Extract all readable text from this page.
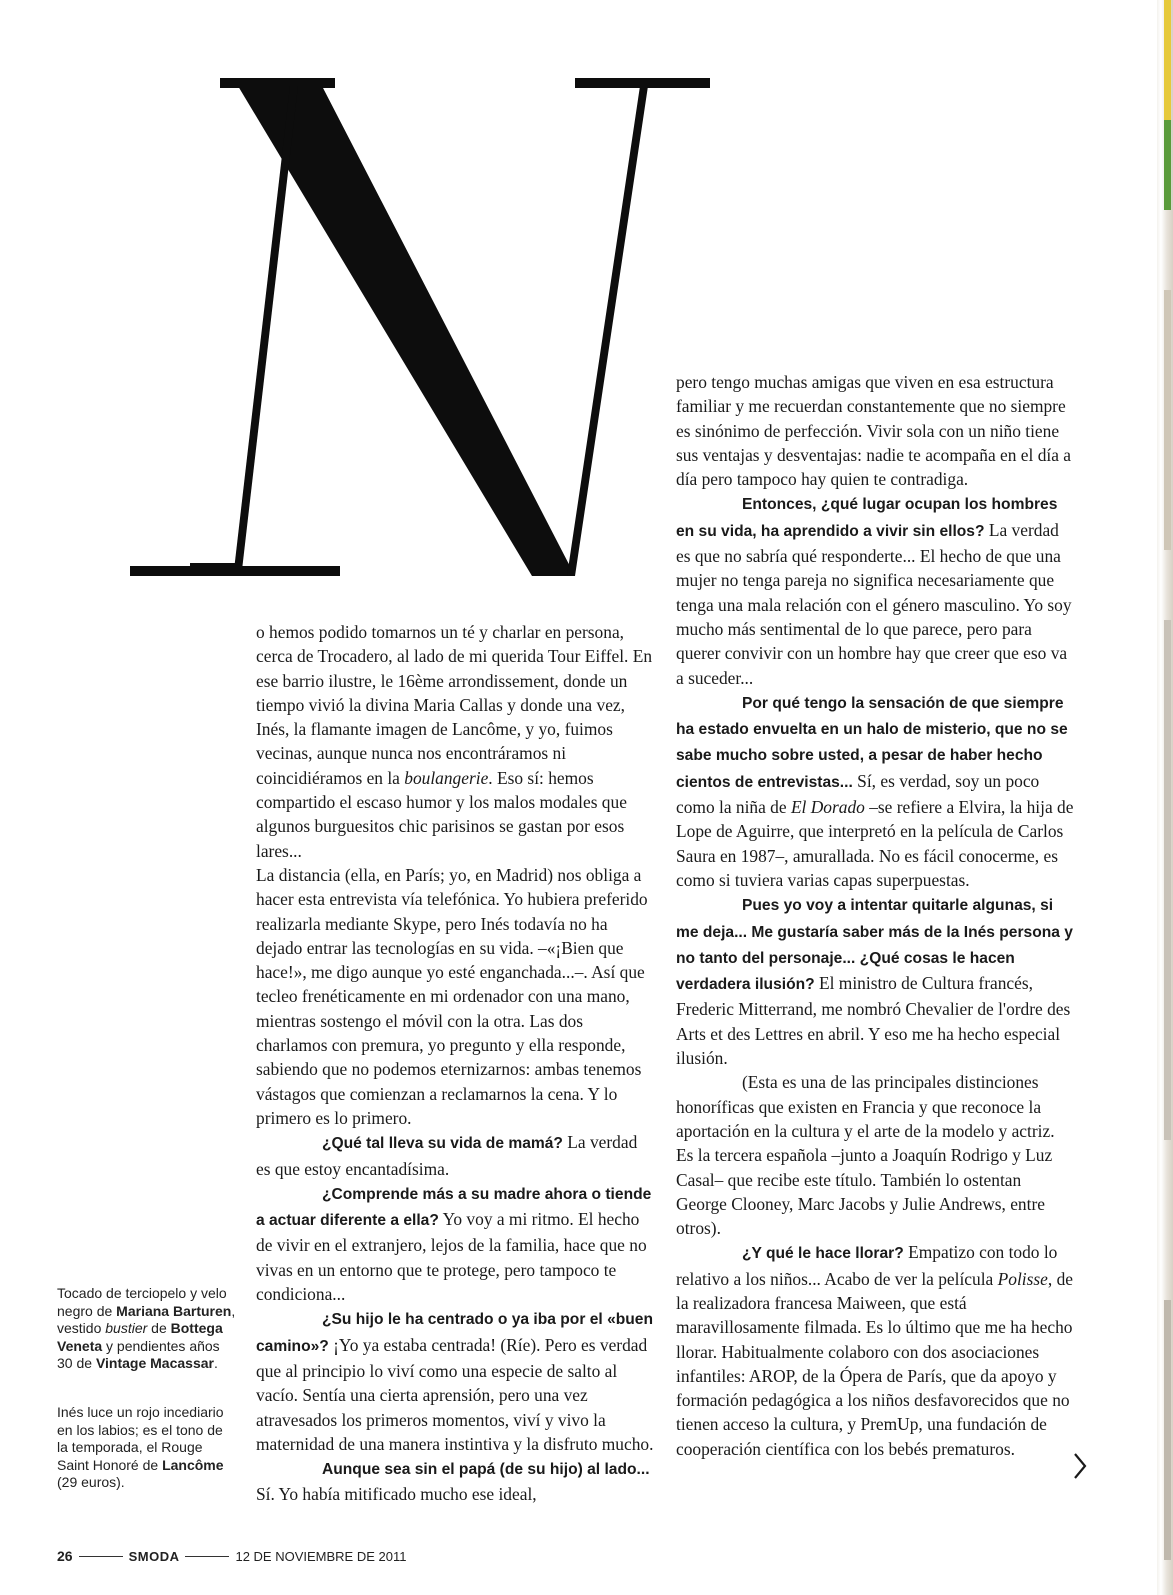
o hemos podido tomarnos un té y charlar en persona, cerca de Trocadero, al lado de mi querida Tour Eiffel. En ese barrio ilustre, le 16ème arrondissement, donde un tiempo vivió la divina Maria Callas y donde una vez, Inés, la flamante imagen de Lancôme, y yo, fuimos vecinas, aunque nunca nos encontráramos ni coincidiéramos en la boulangerie. Eso sí: hemos compartido el escaso humor y los malos modales que algunos burguesitos chic parisinos se gastan por esos lares...

La distancia (ella, en París; yo, en Madrid) nos obliga a hacer esta entrevista vía telefónica. Yo hubiera preferido realizarla mediante Skype, pero Inés todavía no ha dejado entrar las tecnologías en su vida. –«¡Bien que hace!», me digo aunque yo esté enganchada...–. Así que tecleo frenéticamente en mi ordenador con una mano, mientras sostengo el móvil con la otra. Las dos charlamos con premura, yo pregunto y ella responde, sabiendo que no podemos eternizarnos: ambas tenemos vástagos que comienzan a reclamarnos la cena. Y lo primero es lo primero.

¿Qué tal lleva su vida de mamá? La verdad es que estoy encantadísima.

¿Comprende más a su madre ahora o tiende a actuar diferente a ella? Yo voy a mi ritmo. El hecho de vivir en el extranjero, lejos de la familia, hace que no vivas en un entorno que te protege, pero tampoco te condiciona...

¿Su hijo le ha centrado o ya iba por el «buen camino»? ¡Yo ya estaba centrada! (Ríe). Pero es verdad que al principio lo viví como una especie de salto al vacío. Sentía una cierta aprensión, pero una vez atravesados los primeros momentos, viví y vivo la maternidad de una manera instintiva y la disfruto mucho.

Aunque sea sin el papá (de su hijo) al lado... Sí. Yo había mitificado mucho ese ideal,

pero tengo muchas amigas que viven en esa estructura familiar y me recuerdan constantemente que no siempre es sinónimo de perfección. Vivir sola con un niño tiene sus ventajas y desventajas: nadie te acompaña en el día a día pero tampoco hay quien te contradiga.

Entonces, ¿qué lugar ocupan los hombres en su vida, ha aprendido a vivir sin ellos? La verdad es que no sabría qué responderte... El hecho de que una mujer no tenga pareja no significa necesariamente que tenga una mala relación con el género masculino. Yo soy mucho más sentimental de lo que parece, pero para querer convivir con un hombre hay que creer que eso va a suceder...

Por qué tengo la sensación de que siempre ha estado envuelta en un halo de misterio, que no se sabe mucho sobre usted, a pesar de haber hecho cientos de entrevistas... Sí, es verdad, soy un poco como la niña de El Dorado –se refiere a Elvira, la hija de Lope de Aguirre, que interpretó en la película de Carlos Saura en 1987–, amurallada. No es fácil conocerme, es como si tuviera varias capas superpuestas.

Pues yo voy a intentar quitarle algunas, si me deja... Me gustaría saber más de la Inés persona y no tanto del personaje... ¿Qué cosas le hacen verdadera ilusión? El ministro de Cultura francés, Frederic Mitterrand, me nombró Chevalier de l'ordre des Arts et des Lettres en abril. Y eso me ha hecho especial ilusión.

(Esta es una de las principales distinciones honoríficas que existen en Francia y que reconoce la aportación en la cultura y el arte de la modelo y actriz. Es la tercera española –junto a Joaquín Rodrigo y Luz Casal– que recibe este título. También lo ostentan George Clooney, Marc Jacobs y Julie Andrews, entre otros).

¿Y qué le hace llorar? Empatizo con todo lo relativo a los niños... Acabo de ver la película Polisse, de la realizadora francesa Maiween, que está maravillosamente filmada. Es lo último que me ha hecho llorar. Habitualmente colaboro con dos asociaciones infantiles: AROP, de la Ópera de París, que da apoyo y formación pedagógica a los niños desfavorecidos que no tienen acceso la cultura, y PremUp, una fundación de cooperación científica con los bebés prematuros.

Tocado de terciopelo y velo negro de Mariana Barturen, vestido bustier de Bottega Veneta y pendientes años 30 de Vintage Macassar.
Inés luce un rojo incediario en los labios; es el tono de la temporada, el Rouge Saint Honoré de Lancôme (29 euros).
26	SMODA	12 DE NOVIEMBRE DE 2011
